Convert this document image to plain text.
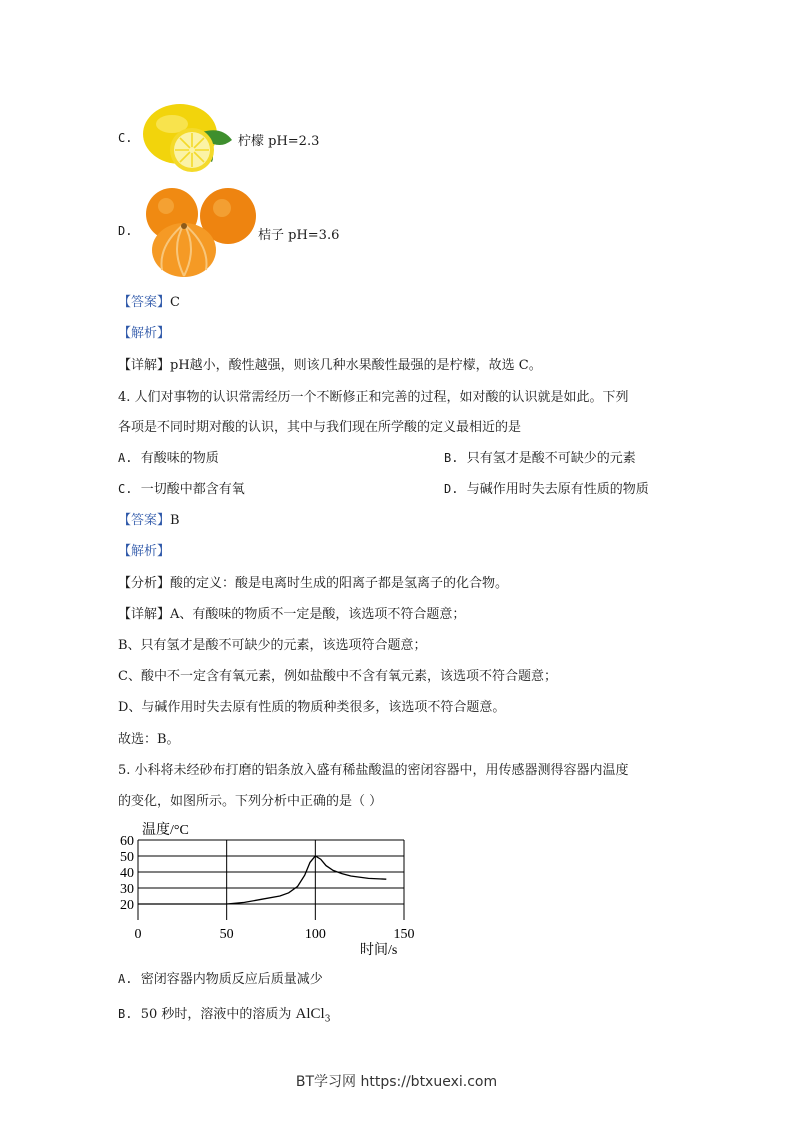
C.	柠檬 pH=2.3
D.	桔子 pH=3.6
【答案】C
【解析】
【详解】pH越小，酸性越强，则该几种水果酸性最强的是柠檬，故选 C。
4. 人们对事物的认识常需经历一个不断修正和完善的过程，如对酸的认识就是如此。下列
各项是不同时期对酸的认识，其中与我们现在所学酸的定义最相近的是
A. 有酸味的物质	B. 只有氢才是酸不可缺少的元素
C. 一切酸中都含有氧	D. 与碱作用时失去原有性质的物质
【答案】B
【解析】
【分析】酸的定义：酸是电离时生成的阳离子都是氢离子的化合物。
【详解】A、有酸味的物质不一定是酸，该选项不符合题意；
B、只有氢才是酸不可缺少的元素，该选项符合题意；
C、酸中不一定含有氧元素，例如盐酸中不含有氧元素，该选项不符合题意；
D、与碱作用时失去原有性质的物质种类很多，该选项不符合题意。
故选：B。
5. 小科将未经砂布打磨的铝条放入盛有稀盐酸温的密闭容器中，用传感器测得容器内温度
的变化，如图所示。下列分析中正确的是（ ）
20
30
40
50
60
0	50	100	150
温度/°C
时间/s
A. 密闭容器内物质反应后质量减少
B. 50 秒时，溶液中的溶质为 AlCl$_3$
BT学习网 https://btxuexi.com
